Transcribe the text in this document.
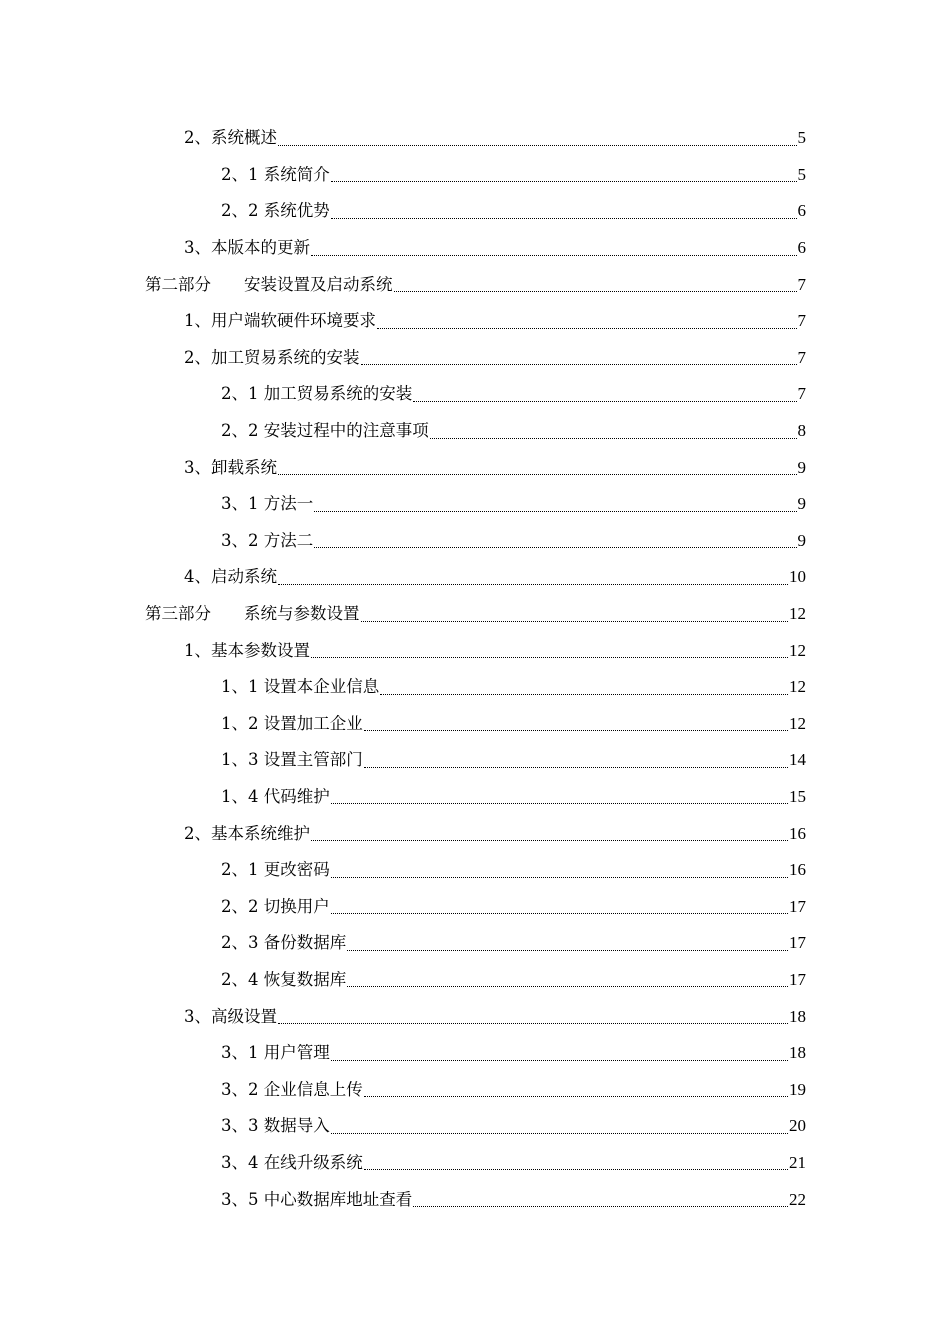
2、系统概述	5
2、1 系统简介	5
2、2 系统优势	6
3、本版本的更新	6
第二部分　　安装设置及启动系统	7
1、用户端软硬件环境要求	7
2、加工贸易系统的安装	7
2、1 加工贸易系统的安装	7
2、2 安装过程中的注意事项	8
3、卸载系统	9
3、1 方法一	9
3、2 方法二	9
4、启动系统	10
第三部分　　系统与参数设置	12
1、基本参数设置	12
1、1 设置本企业信息	12
1、2 设置加工企业	12
1、3 设置主管部门	14
1、4 代码维护	15
2、基本系统维护	16
2、1 更改密码	16
2、2 切换用户	17
2、3 备份数据库	17
2、4 恢复数据库	17
3、高级设置	18
3、1 用户管理	18
3、2 企业信息上传	19
3、3 数据导入	20
3、4 在线升级系统	21
3、5 中心数据库地址查看	22
